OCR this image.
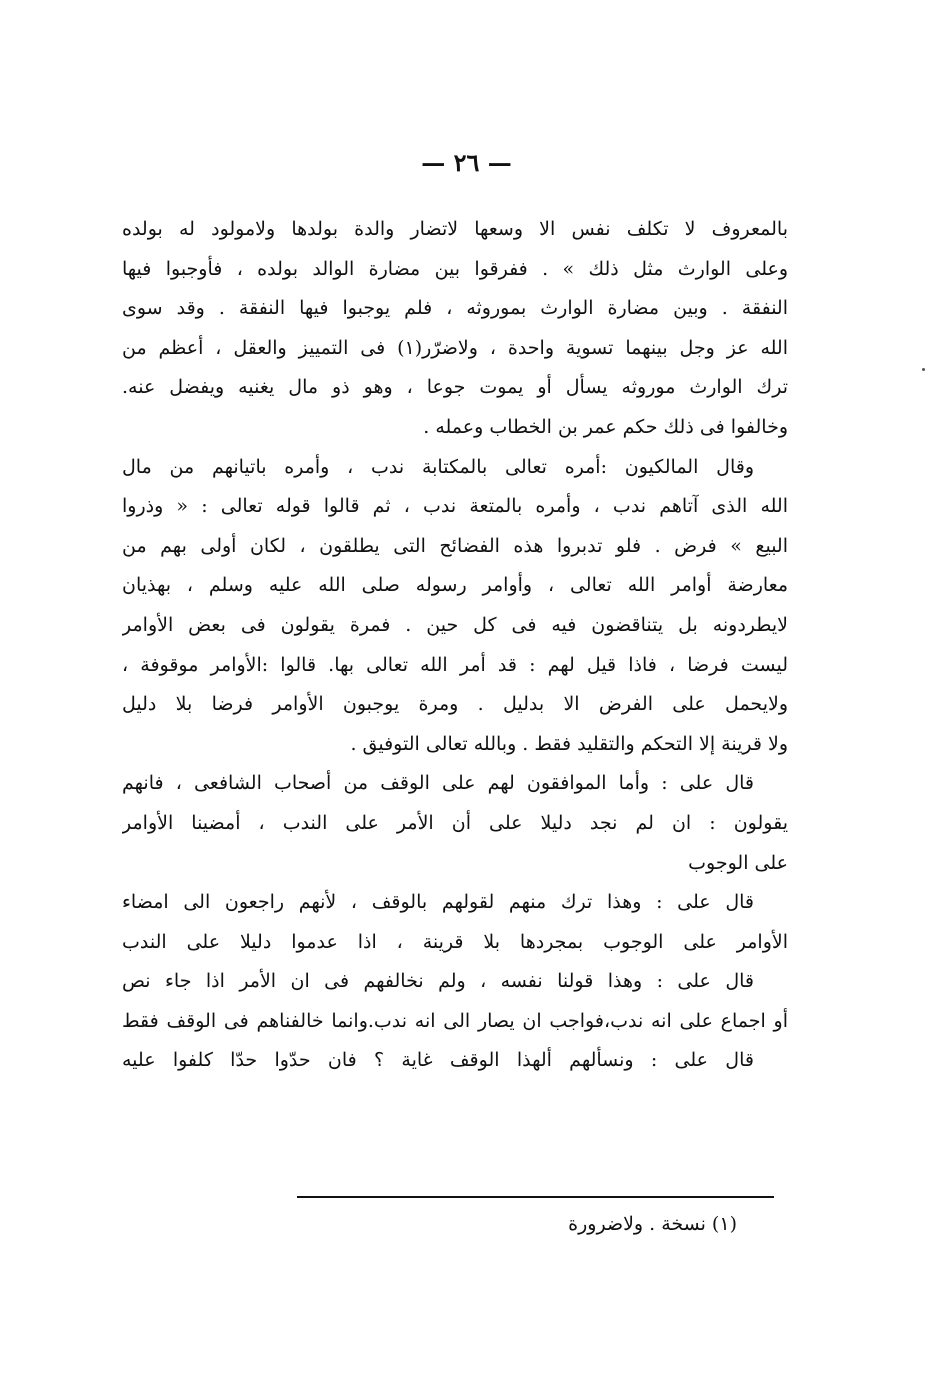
— ٢٦ —
بالمعروف لا تكلف نفس الا وسعها لاتضار والدة بولدها ولامولود له بولده
وعلى الوارث مثل ذلك » . ففرقوا بين مضارة الوالد بولده ، فأوجبوا فيها
النفقة . وبين مضارة الوارث بموروثه ، فلم يوجبوا فيها النفقة . وقد سوى
الله عز وجل بينهما تسوية واحدة ، ولاضرّر(١) فى التمييز والعقل ، أعظم من
ترك الوارث موروثه يسأل أو يموت جوعا ، وهو ذو مال يغنيه ويفضل عنه.
وخالفوا فى ذلك حكم عمر بن الخطاب وعمله .
وقال المالكيون :أمره تعالى بالمكتابة ندب ، وأمره باتيانهم من مال
الله الذى آتاهم ندب ، وأمره بالمتعة ندب ، ثم قالوا قوله تعالى : « وذروا
البيع » فرض . فلو تدبروا هذه الفضائح التى يطلقون ، لكان أولى بهم من
معارضة أوامر الله تعالى ، وأوامر رسوله صلى الله عليه وسلم ، بهذيان
لايطردونه بل يتناقضون فيه فى كل حين . فمرة يقولون فى بعض الأوامر
ليست فرضا ، فاذا قيل لهم : قد أمر الله تعالى بها. قالوا :الأوامر موقوفة ،
ولايحمل على الفرض الا بدليل . ومرة يوجبون الأوامر فرضا بلا دليل
ولا قرينة إلا التحكم والتقليد فقط . وبالله تعالى التوفيق .
قال على : وأما الموافقون لهم على الوقف من أصحاب الشافعى ، فانهم
يقولون : ان لم نجد دليلا على أن الأمر على الندب ، أمضينا الأوامر
على الوجوب
قال على : وهذا ترك منهم لقولهم بالوقف ، لأنهم راجعون الى امضاء
الأوامر على الوجوب بمجردها بلا قرينة ، اذا عدموا دليلا على الندب
قال على : وهذا قولنا نفسه ، ولم نخالفهم فى ان الأمر اذا جاء نص
أو اجماع على انه ندب،فواجب ان يصار الى انه ندب.وانما خالفناهم فى الوقف فقط
قال على : ونسألهم ألهذا الوقف غاية ؟ فان حدّوا حدّا كلفوا عليه
(١) نسخة . ولاضرورة
